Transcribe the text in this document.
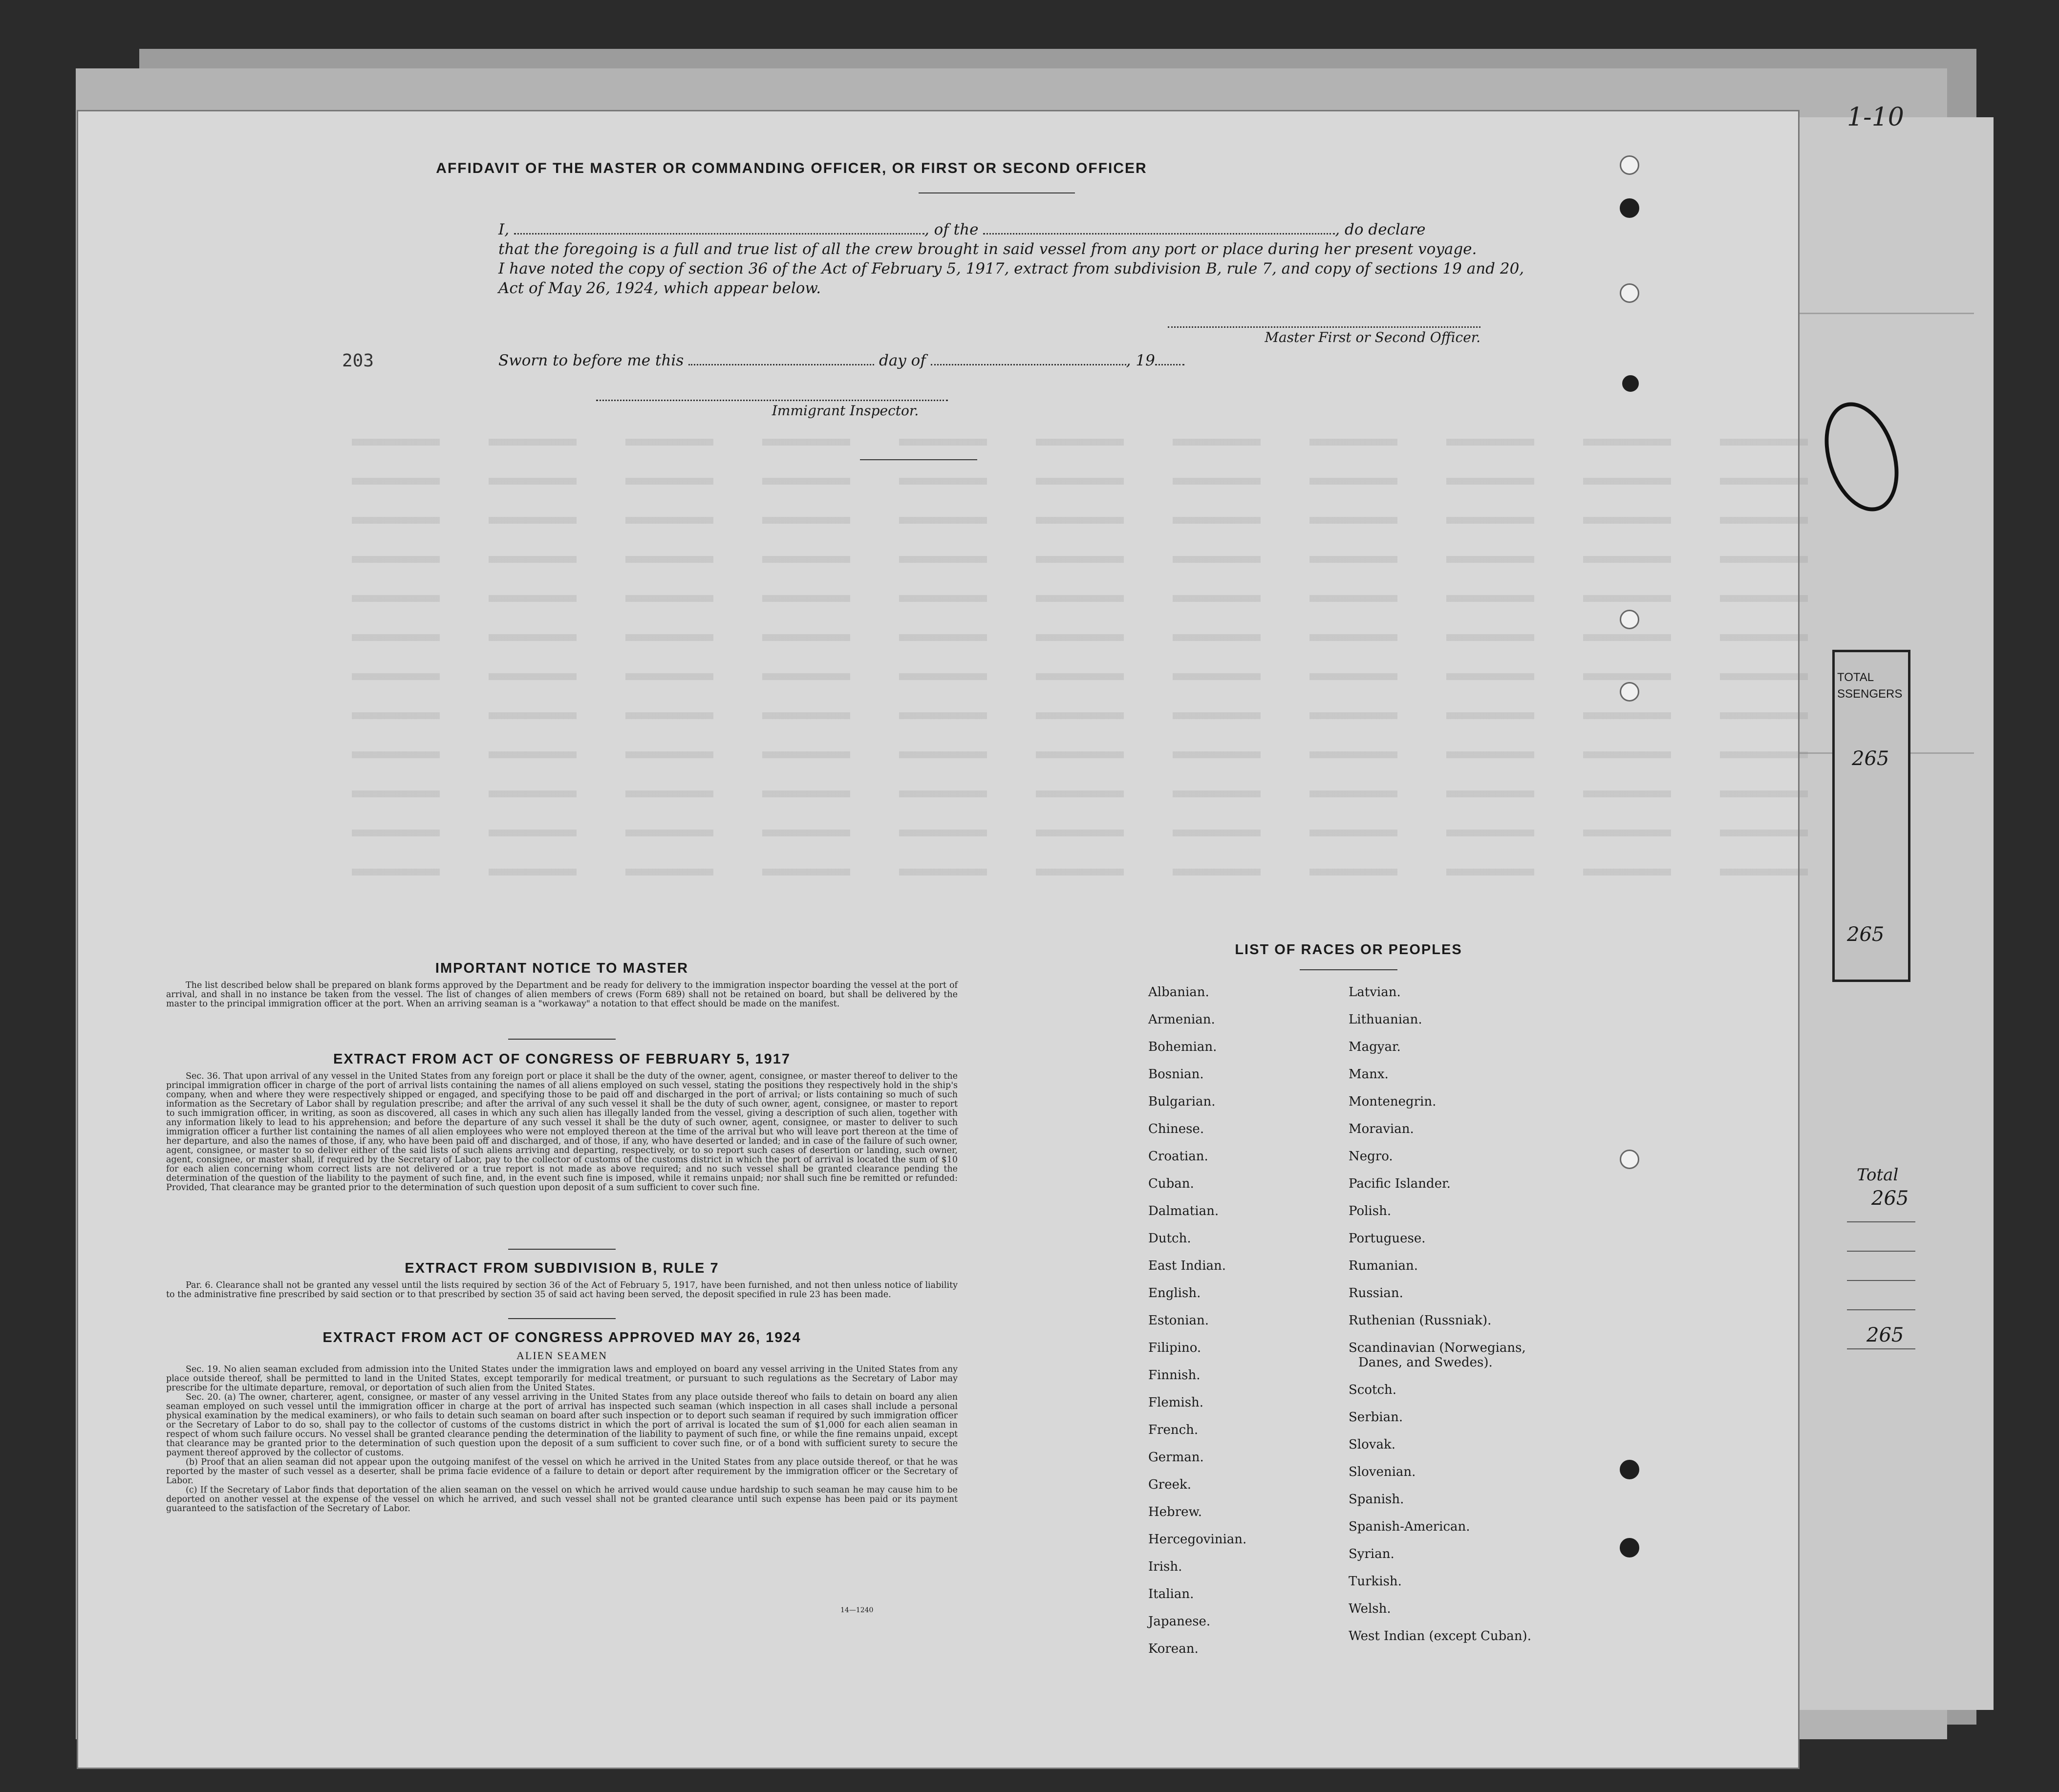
1-10
TOTAL
SSENGERS
265
265
Total
265
265
203
AFFIDAVIT OF THE MASTER OR COMMANDING OFFICER, OR FIRST OR SECOND OFFICER
I,	, of the	, do declare
that the foregoing is a full and true list of all the crew brought in said vessel from any port or place during her present voyage.
I have noted the copy of section 36 of the Act of February 5, 1917, extract from subdivision B, rule 7, and copy of sections 19 and 20,
Act of May 26, 1924, which appear below.
Master First or Second Officer.
Sworn to before me this	day of	, 19
Immigrant Inspector.
IMPORTANT NOTICE TO MASTER

The list described below shall be prepared on blank forms approved by the Department and be ready for delivery to the immigration inspector boarding the vessel at the port of arrival, and shall in no instance be taken from the vessel. The list of changes of alien members of crews (Form 689) shall not be retained on board, but shall be delivered by the master to the principal immigration officer at the port. When an arriving seaman is a "workaway" a notation to that effect should be made on the manifest.

EXTRACT FROM ACT OF CONGRESS OF FEBRUARY 5, 1917

Sec. 36. That upon arrival of any vessel in the United States from any foreign port or place it shall be the duty of the owner, agent, consignee, or master thereof to deliver to the principal immigration officer in charge of the port of arrival lists containing the names of all aliens employed on such vessel, stating the positions they respectively hold in the ship's company, when and where they were respectively shipped or engaged, and specifying those to be paid off and discharged in the port of arrival; or lists containing so much of such information as the Secretary of Labor shall by regulation prescribe; and after the arrival of any such vessel it shall be the duty of such owner, agent, consignee, or master to report to such immigration officer, in writing, as soon as discovered, all cases in which any such alien has illegally landed from the vessel, giving a description of such alien, together with any information likely to lead to his apprehension; and before the departure of any such vessel it shall be the duty of such owner, agent, consignee, or master to deliver to such immigration officer a further list containing the names of all alien employees who were not employed thereon at the time of the arrival but who will leave port thereon at the time of her departure, and also the names of those, if any, who have been paid off and discharged, and of those, if any, who have deserted or landed; and in case of the failure of such owner, agent, consignee, or master to so deliver either of the said lists of such aliens arriving and departing, respectively, or to so report such cases of desertion or landing, such owner, agent, consignee, or master shall, if required by the Secretary of Labor, pay to the collector of customs of the customs district in which the port of arrival is located the sum of $10 for each alien concerning whom correct lists are not delivered or a true report is not made as above required; and no such vessel shall be granted clearance pending the determination of the question of the liability to the payment of such fine, and, in the event such fine is imposed, while it remains unpaid; nor shall such fine be remitted or refunded: Provided, That clearance may be granted prior to the determination of such question upon deposit of a sum sufficient to cover such fine.

EXTRACT FROM SUBDIVISION B, RULE 7

Par. 6. Clearance shall not be granted any vessel until the lists required by section 36 of the Act of February 5, 1917, have been furnished, and not then unless notice of liability to the administrative fine prescribed by said section or to that prescribed by section 35 of said act having been served, the deposit specified in rule 23 has been made.

EXTRACT FROM ACT OF CONGRESS APPROVED MAY 26, 1924
ALIEN SEAMEN

Sec. 19. No alien seaman excluded from admission into the United States under the immigration laws and employed on board any vessel arriving in the United States from any place outside thereof, shall be permitted to land in the United States, except temporarily for medical treatment, or pursuant to such regulations as the Secretary of Labor may prescribe for the ultimate departure, removal, or deportation of such alien from the United States.

Sec. 20. (a) The owner, charterer, agent, consignee, or master of any vessel arriving in the United States from any place outside thereof who fails to detain on board any alien seaman employed on such vessel until the immigration officer in charge at the port of arrival has inspected such seaman (which inspection in all cases shall include a personal physical examination by the medical examiners), or who fails to detain such seaman on board after such inspection or to deport such seaman if required by such immigration officer or the Secretary of Labor to do so, shall pay to the collector of customs of the customs district in which the port of arrival is located the sum of $1,000 for each alien seaman in respect of whom such failure occurs. No vessel shall be granted clearance pending the determination of the liability to payment of such fine, or while the fine remains unpaid, except that clearance may be granted prior to the determination of such question upon the deposit of a sum sufficient to cover such fine, or of a bond with sufficient surety to secure the payment thereof approved by the collector of customs.

(b) Proof that an alien seaman did not appear upon the outgoing manifest of the vessel on which he arrived in the United States from any place outside thereof, or that he was reported by the master of such vessel as a deserter, shall be prima facie evidence of a failure to detain or deport after requirement by the immigration officer or the Secretary of Labor.

(c) If the Secretary of Labor finds that deportation of the alien seaman on the vessel on which he arrived would cause undue hardship to such seaman he may cause him to be deported on another vessel at the expense of the vessel on which he arrived, and such vessel shall not be granted clearance until such expense has been paid or its payment guaranteed to the satisfaction of the Secretary of Labor.

14—1240
LIST OF RACES OR PEOPLES
Albanian.
Armenian.
Bohemian.
Bosnian.
Bulgarian.
Chinese.
Croatian.
Cuban.
Dalmatian.
Dutch.
East Indian.
English.
Estonian.
Filipino.
Finnish.
Flemish.
French.
German.
Greek.
Hebrew.
Hercegovinian.
Irish.
Italian.
Japanese.
Korean.
Latvian.
Lithuanian.
Magyar.
Manx.
Montenegrin.
Moravian.
Negro.
Pacific Islander.
Polish.
Portuguese.
Rumanian.
Russian.
Ruthenian (Russniak).
Scandinavian (Norwegians,
Danes, and Swedes).
Scotch.
Serbian.
Slovak.
Slovenian.
Spanish.
Spanish-American.
Syrian.
Turkish.
Welsh.
West Indian (except Cuban).
